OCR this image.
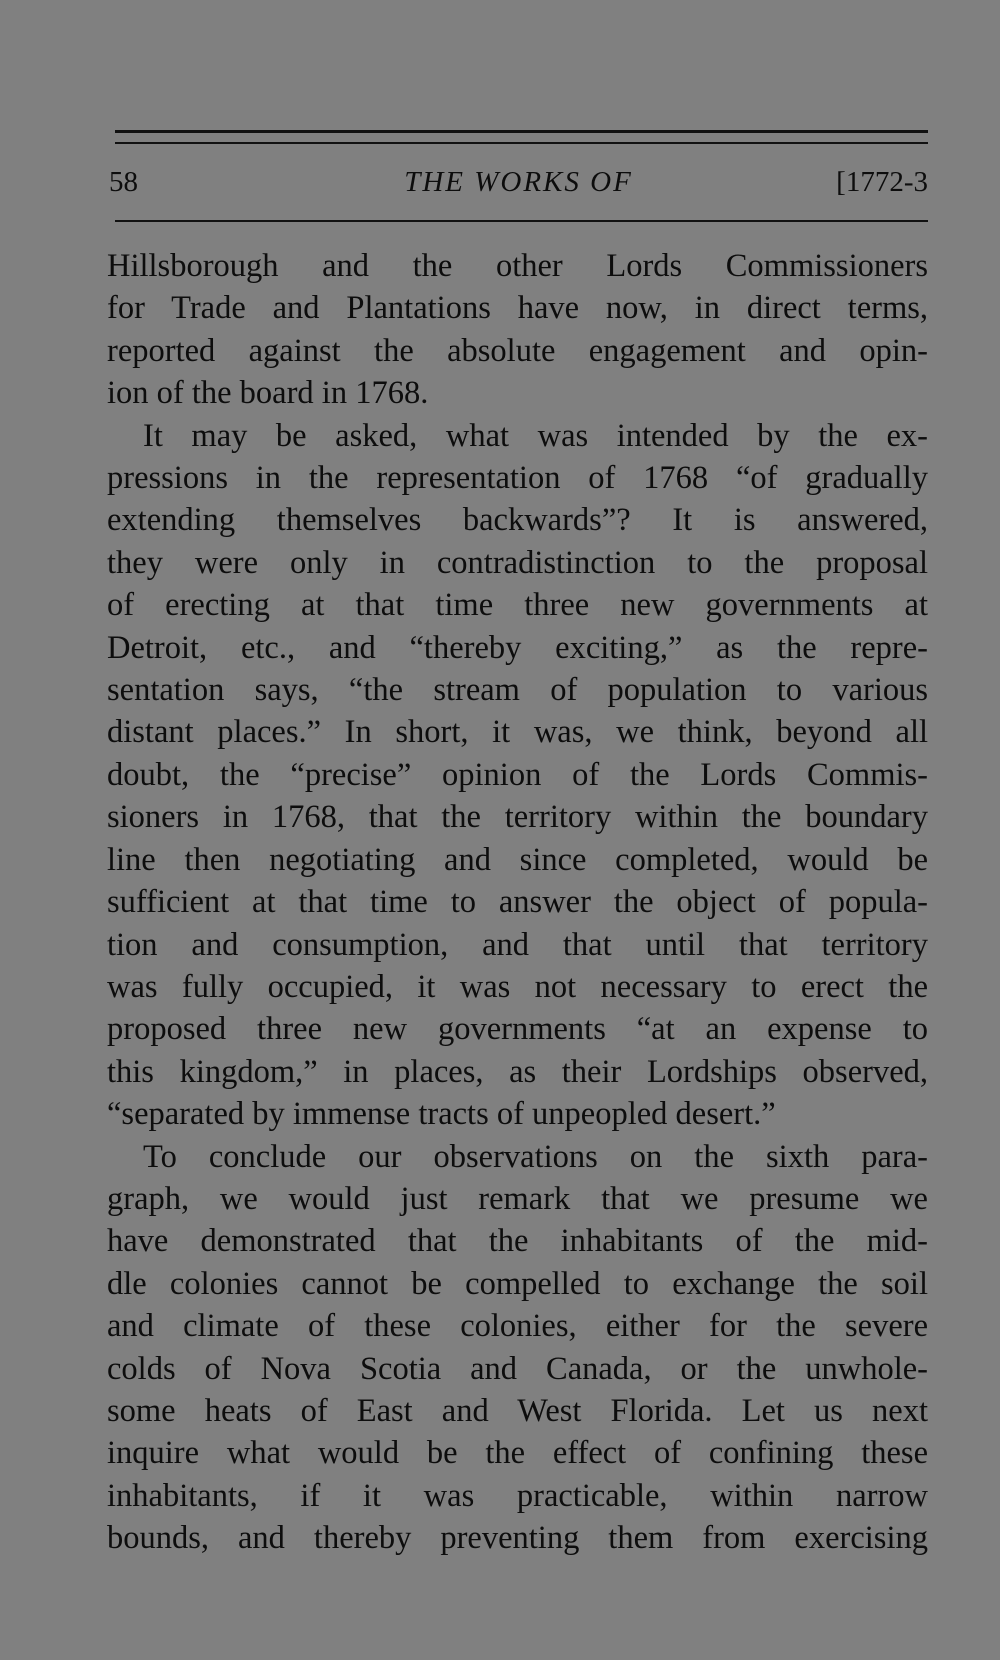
58	THE WORKS OF	[1772-3

Hillsborough and the other Lords Commissioners
for Trade and Plantations have now, in direct terms,
reported against the absolute engagement and opin-
ion of the board in 1768.

It may be asked, what was intended by the ex-
pressions in the representation of 1768 “of gradually
extending themselves backwards”? It is answered,
they were only in contradistinction to the proposal
of erecting at that time three new governments at
Detroit, etc., and “thereby exciting,” as the repre-
sentation says, “the stream of population to various
distant places.” In short, it was, we think, beyond all
doubt, the “precise” opinion of the Lords Commis-
sioners in 1768, that the territory within the boundary
line then negotiating and since completed, would be
sufficient at that time to answer the object of popula-
tion and consumption, and that until that territory
was fully occupied, it was not necessary to erect the
proposed three new governments “at an expense to
this kingdom,” in places, as their Lordships observed,
“separated by immense tracts of unpeopled desert.”

To conclude our observations on the sixth para-
graph, we would just remark that we presume we
have demonstrated that the inhabitants of the mid-
dle colonies cannot be compelled to exchange the soil
and climate of these colonies, either for the severe
colds of Nova Scotia and Canada, or the unwhole-
some heats of East and West Florida. Let us next
inquire what would be the effect of confining these
inhabitants, if it was practicable, within narrow
bounds, and thereby preventing them from exercising
